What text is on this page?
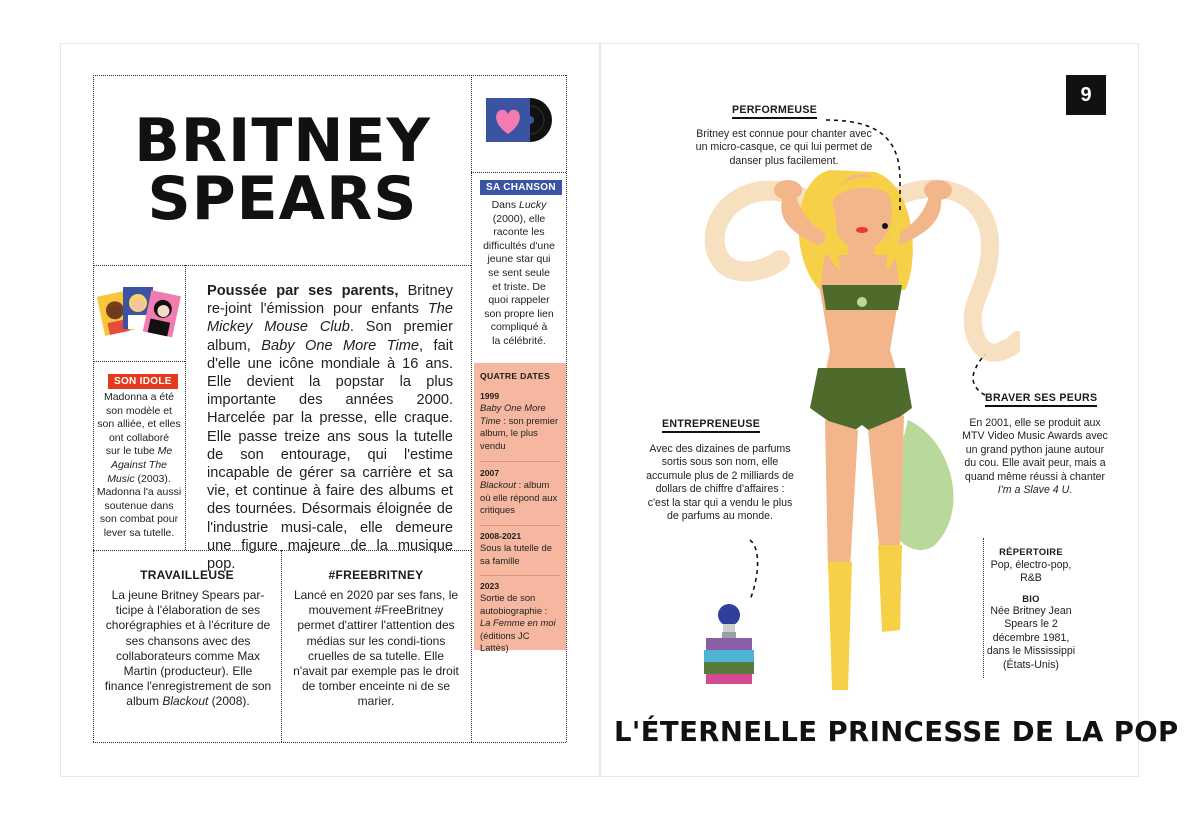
BRITNEY
SPEARS
SON IDOLE
Madonna a été
son modèle et
son alliée, et elles
ont collaboré
sur le tube Me
Against The
Music (2003).
Madonna l'a aussi
soutenue dans
son combat pour
lever sa tutelle.
SA CHANSON
Dans Lucky
(2000), elle
raconte les
difficultés d'une
jeune star qui
se sent seule
et triste. De
quoi rappeler
son propre lien
compliqué à
la célébrité.
Poussée par ses parents, Britney re-joint l'émission pour enfants The Mickey Mouse Club. Son premier album, Baby One More Time, fait d'elle une icône mondiale à 16 ans. Elle devient la popstar la plus importante des années 2000. Harcelée par la presse, elle craque. Elle passe treize ans sous la tutelle de son entourage, qui l'estime incapable de gérer sa carrière et sa vie, et continue à faire des albums et des tournées. Désormais éloignée de l'industrie musi-cale, elle demeure une figure majeure de la musique pop.
QUATRE DATES
1999
Baby One More Time : son premier album, le plus vendu
2007
Blackout : album où elle répond aux critiques
2008-2021
Sous la tutelle de sa famille
2023
Sortie de son autobiographie :
La Femme en moi
(éditions JC Lattès)
TRAVAILLEUSE
La jeune Britney Spears par-ticipe à l'élaboration de ses chorégraphies et à l'écriture de ses chansons avec des collaborateurs comme Max Martin (producteur). Elle finance l'enregistrement de son album Blackout (2008).
#FREEBRITNEY
Lancé en 2020 par ses fans, le mouvement #FreeBritney permet d'attirer l'attention des médias sur les condi-tions cruelles de sa tutelle. Elle n'avait par exemple pas le droit de tomber enceinte ni de se marier.
9
PERFORMEUSE
Britney est connue pour chanter avec un micro-casque, ce qui lui permet de danser plus facilement.
ENTREPRENEUSE
Avec des dizaines de parfums sortis sous son nom, elle accumule plus de 2 milliards de dollars de chiffre d'affaires : c'est la star qui a vendu le plus de parfums au monde.
BRAVER SES PEURS
En 2001, elle se produit aux MTV Video Music Awards avec un grand python jaune autour du cou. Elle avait peur, mais a quand même réussi à chanter I'm a Slave 4 U.
RÉPERTOIRE
Pop, électro-pop, R&B
BIO
Née Britney Jean Spears le 2 décembre 1981, dans le Mississippi (États-Unis)
L'ÉTERNELLE PRINCESSE DE LA POP
